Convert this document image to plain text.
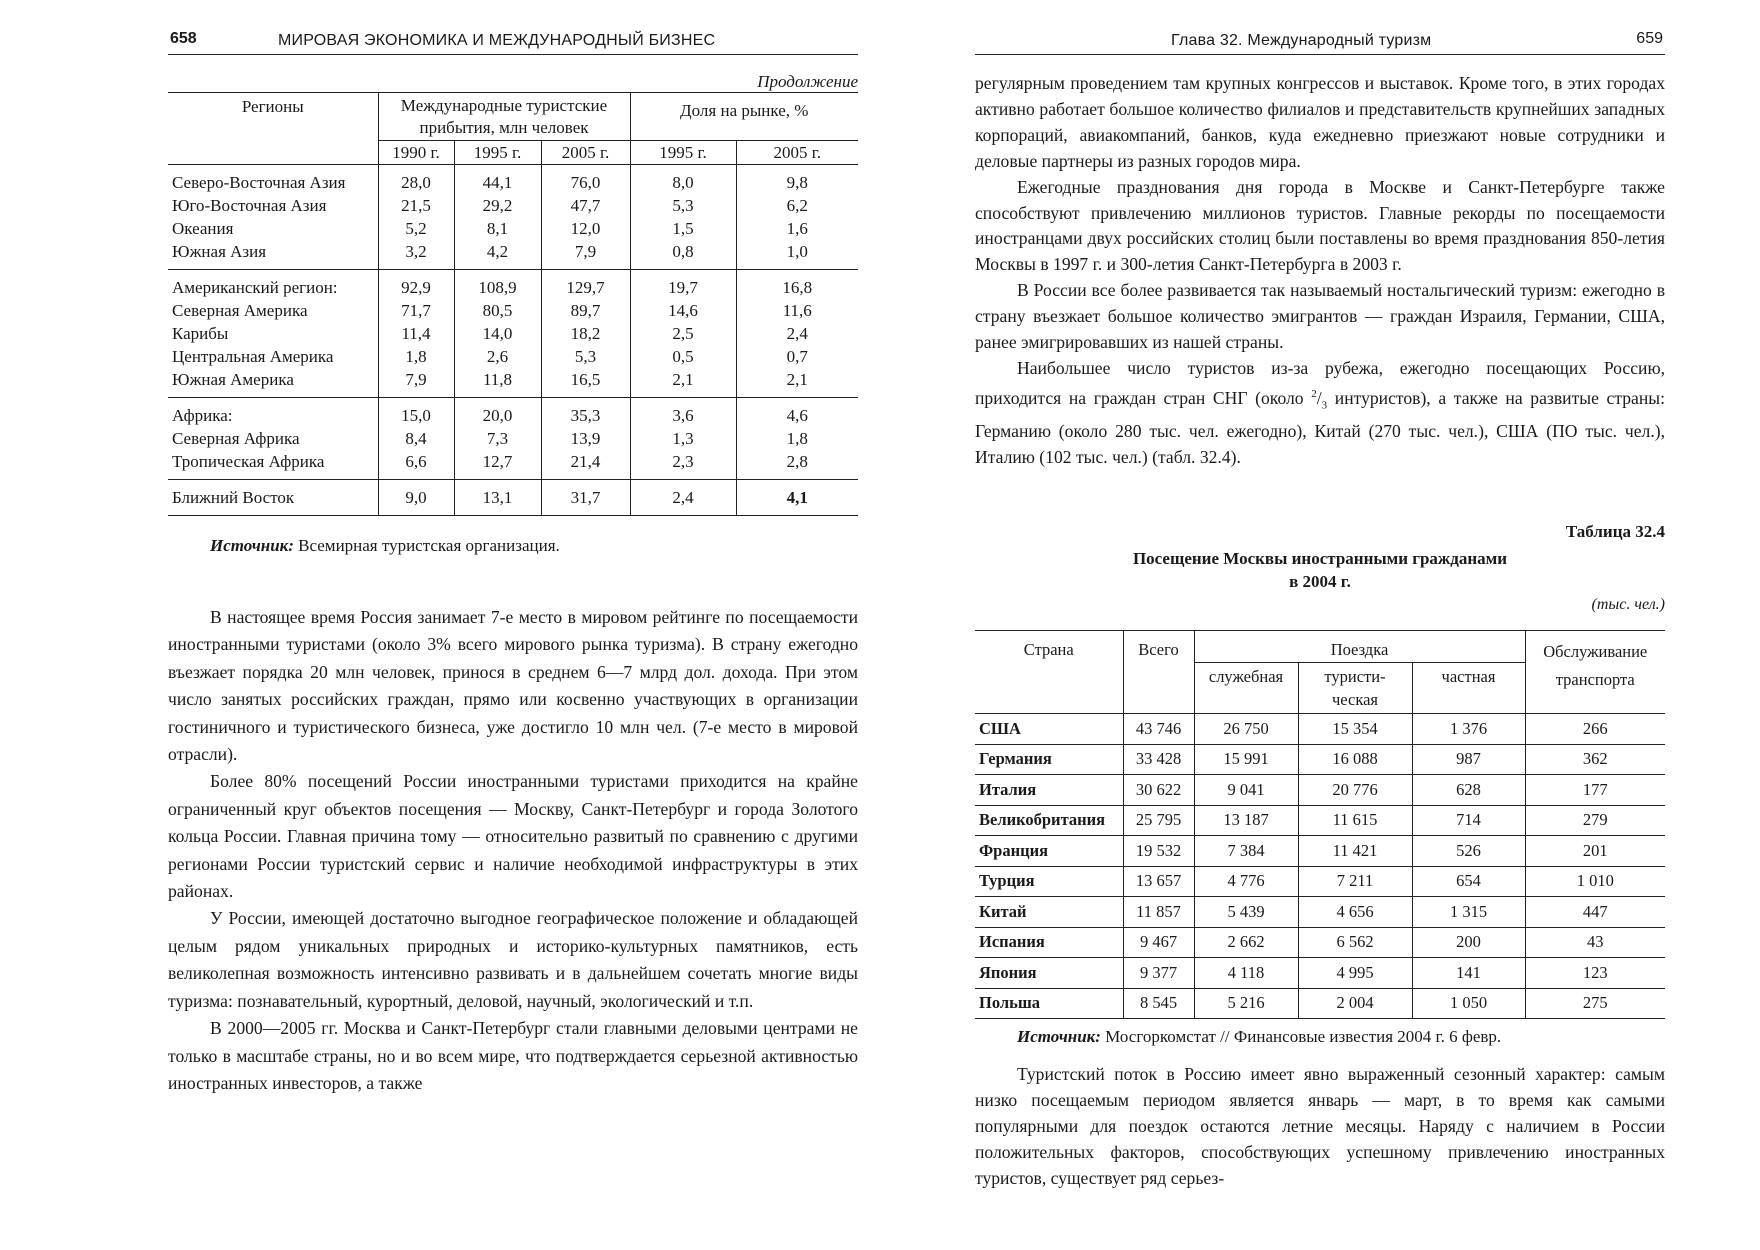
658	МИРОВАЯ ЭКОНОМИКА И МЕЖДУНАРОДНЫЙ БИЗНЕС
Продолжение
Регионы	Международные туристские прибытия, млн человек			Доля на рынке, %	
	1990 г.	1995 г.	2005 г.	1995 г.	2005 г.
Северо-Восточная Азия	28,0	44,1	76,0	8,0	9,8
Юго-Восточная Азия	21,5	29,2	47,7	5,3	6,2
Океания	5,2	8,1	12,0	1,5	1,6
Южная Азия	3,2	4,2	7,9	0,8	1,0
Американский регион:	92,9	108,9	129,7	19,7	16,8
Северная Америка	71,7	80,5	89,7	14,6	11,6
Карибы	11,4	14,0	18,2	2,5	2,4
Центральная Америка	1,8	2,6	5,3	0,5	0,7
Южная Америка	7,9	11,8	16,5	2,1	2,1
Африка:	15,0	20,0	35,3	3,6	4,6
Северная Африка	8,4	7,3	13,9	1,3	1,8
Тропическая Африка	6,6	12,7	21,4	2,3	2,8
Ближний Восток	9,0	13,1	31,7	2,4	4,1
Источник: Всемирная туристская организация.

В настоящее время Россия занимает 7-е место в мировом рейтинге по посещаемости иностранными туристами (около 3% всего мирового рынка туризма). В страну ежегодно въезжает порядка 20 млн человек, принося в среднем 6—7 млрд дол. дохода. При этом число занятых российских граждан, прямо или косвенно участвующих в организации гостиничного и туристического бизнеса, уже достигло 10 млн чел. (7-е место в мировой отрасли).

Более 80% посещений России иностранными туристами приходится на крайне ограниченный круг объектов посещения — Москву, Санкт-Петербург и города Золотого кольца России. Главная причина тому — относительно развитый по сравнению с другими регионами России туристский сервис и наличие необходимой инфраструктуры в этих районах.

У России, имеющей достаточно выгодное географическое положение и обладающей целым рядом уникальных природных и историко-культурных памятников, есть великолепная возможность интенсивно развивать и в дальнейшем сочетать многие виды туризма: познавательный, курортный, деловой, научный, экологический и т.п.

В 2000—2005 гг. Москва и Санкт-Петербург стали главными деловыми центрами не только в масштабе страны, но и во всем мире, что подтверждается серьезной активностью иностранных инвесторов, а также

Глава 32. Международный туризм	659

регулярным проведением там крупных конгрессов и выставок. Кроме того, в этих городах активно работает большое количество филиалов и представительств крупнейших западных корпораций, авиакомпаний, банков, куда ежедневно приезжают новые сотрудники и деловые партнеры из разных городов мира.

Ежегодные празднования дня города в Москве и Санкт-Петербурге также способствуют привлечению миллионов туристов. Главные рекорды по посещаемости иностранцами двух российских столиц были поставлены во время празднования 850-летия Москвы в 1997 г. и 300-летия Санкт-Петербурга в 2003 г.

В России все более развивается так называемый ностальгический туризм: ежегодно в страну въезжает большое количество эмигрантов — граждан Израиля, Германии, США, ранее эмигрировавших из нашей страны.

Наибольшее число туристов из-за рубежа, ежегодно посещающих Россию, приходится на граждан стран СНГ (около $^2/_3$ интуристов), а также на развитые страны: Германию (около 280 тыс. чел. ежегодно), Китай (270 тыс. чел.), США (ПО тыс. чел.), Италию (102 тыс. чел.) (табл. 32.4).

Таблица 32.4
Посещение Москвы иностранными гражданами
в 2004 г.
(тыс. чел.)
Страна	Всего	Поездка			Обслуживание
транспорта
		служебная	туристи-
ческая	частная	
США	43 746	26 750	15 354	1 376	266
Германия	33 428	15 991	16 088	987	362
Италия	30 622	9 041	20 776	628	177
Великобритания	25 795	13 187	11 615	714	279
Франция	19 532	7 384	11 421	526	201
Турция	13 657	4 776	7 211	654	1 010
Китай	11 857	5 439	4 656	1 315	447
Испания	9 467	2 662	6 562	200	43
Япония	9 377	4 118	4 995	141	123
Польша	8 545	5 216	2 004	1 050	275
Источник: Мосгоркомстат // Финансовые известия 2004 г. 6 февр.

Туристский поток в Россию имеет явно выраженный сезонный характер: самым низко посещаемым периодом является январь — март, в то время как самыми популярными для поездок остаются летние месяцы. Наряду с наличием в России положительных факторов, способствующих успешному привлечению иностранных туристов, существует ряд серьез-
